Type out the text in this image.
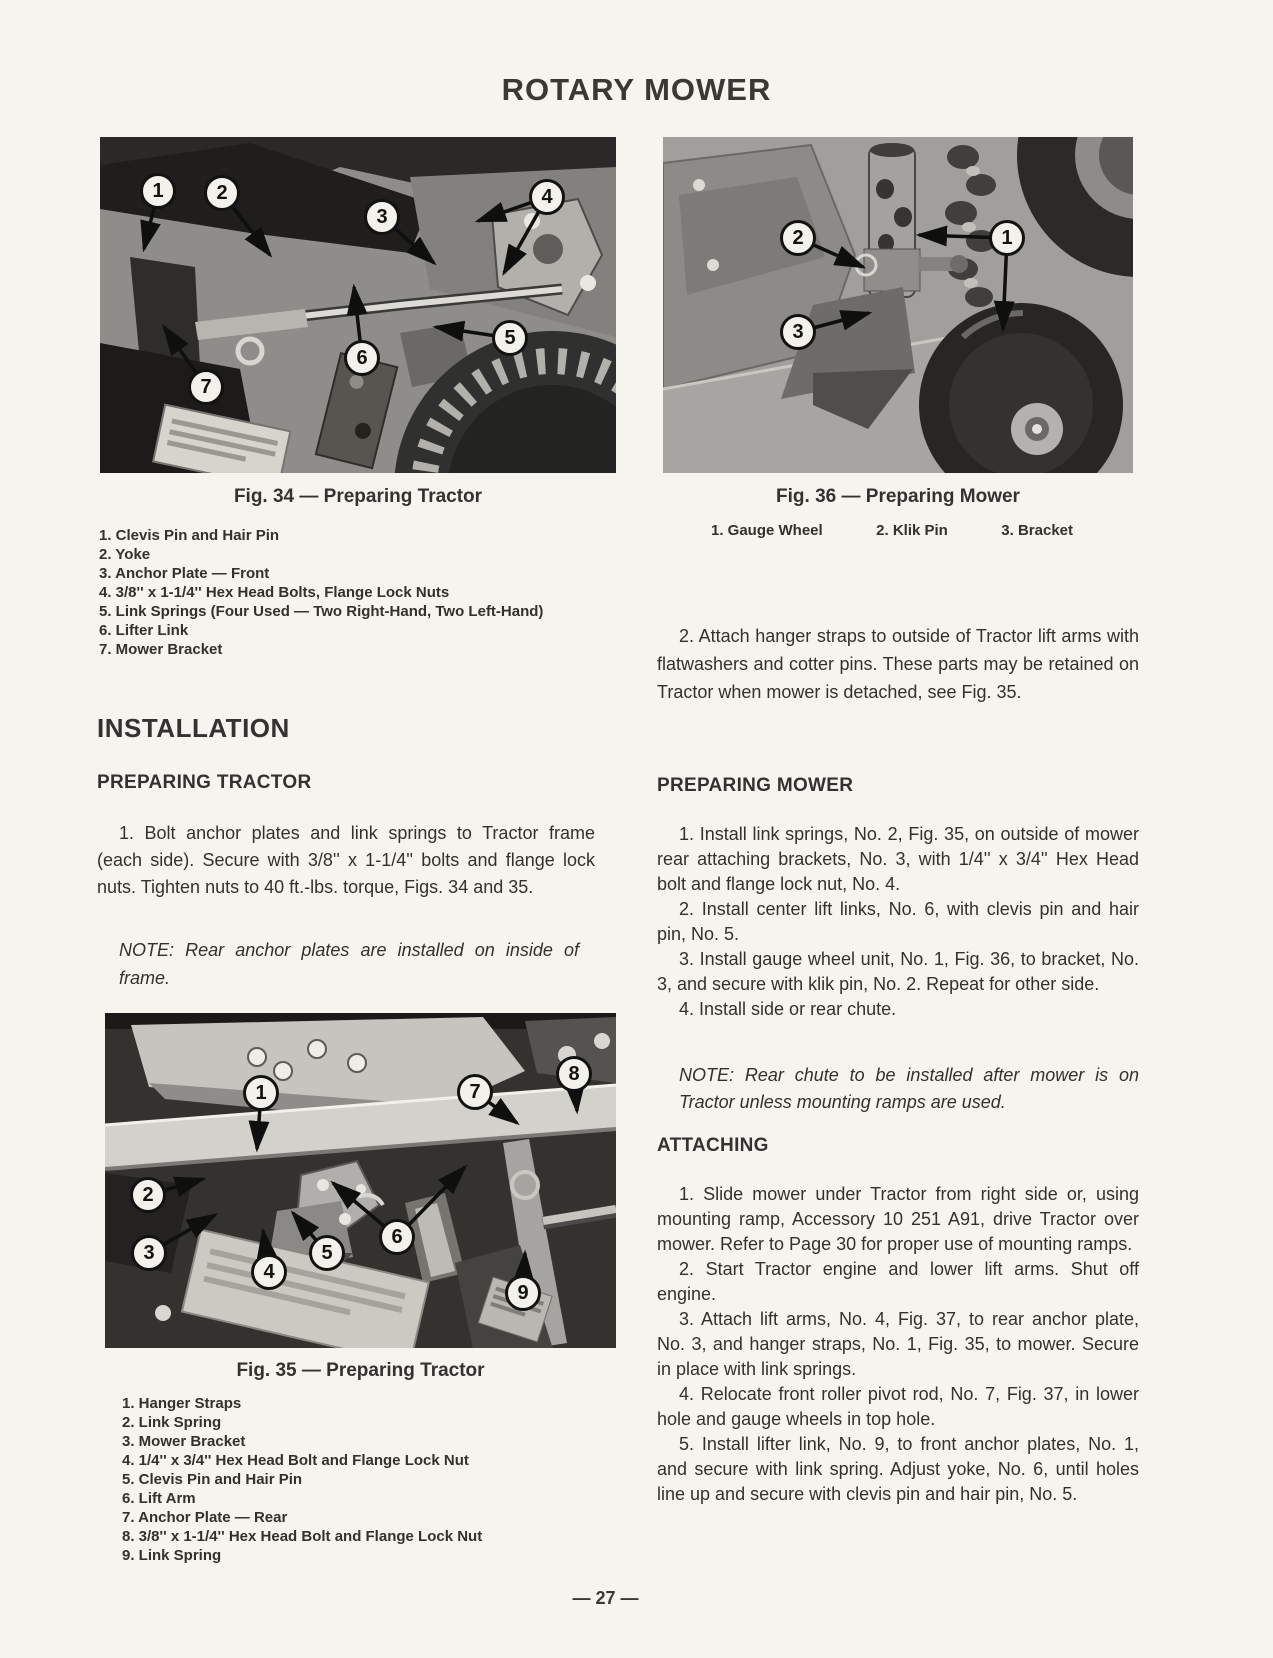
ROTARY MOWER
1	2
3
4
5
6
7

Fig. 34 — Preparing Tractor

1. Clevis Pin and Hair Pin
2. Yoke
3. Anchor Plate — Front
4. 3/8'' x 1-1/4'' Hex Head Bolts, Flange Lock Nuts
5. Link Springs (Four Used — Two Right-Hand, Two Left-Hand)
6. Lifter Link
7. Mower Bracket
INSTALLATION
PREPARING TRACTOR

1. Bolt anchor plates and link springs to Tractor frame (each side). Secure with 3/8'' x 1-1/4'' bolts and flange lock nuts. Tighten nuts to 40 ft.-lbs. torque, Figs. 34 and 35.

NOTE: Rear anchor plates are installed on inside of frame.

1	7
8
2
3
4
5
6
9

Fig. 35 — Preparing Tractor

1. Hanger Straps
2. Link Spring
3. Mower Bracket
4. 1/4'' x 3/4'' Hex Head Bolt and Flange Lock Nut
5. Clevis Pin and Hair Pin
6. Lift Arm
7. Anchor Plate — Rear
8. 3/8'' x 1-1/4'' Hex Head Bolt and Flange Lock Nut
9. Link Spring
2	1
3

Fig. 36 — Preparing Mower

1. Gauge Wheel	2. Klik Pin	3. Bracket

2. Attach hanger straps to outside of Tractor lift arms with flatwashers and cotter pins. These parts may be retained on Tractor when mower is detached, see Fig. 35.

PREPARING MOWER

1. Install link springs, No. 2, Fig. 35, on outside of mower rear attaching brackets, No. 3, with 1/4'' x 3/4'' Hex Head bolt and flange lock nut, No. 4.

2. Install center lift links, No. 6, with clevis pin and hair pin, No. 5.

3. Install gauge wheel unit, No. 1, Fig. 36, to bracket, No. 3, and secure with klik pin, No. 2. Repeat for other side.

4. Install side or rear chute.

NOTE: Rear chute to be installed after mower is on Tractor unless mounting ramps are used.

ATTACHING

1. Slide mower under Tractor from right side or, using mounting ramp, Accessory 10 251 A91, drive Tractor over mower. Refer to Page 30 for proper use of mounting ramps.

2. Start Tractor engine and lower lift arms. Shut off engine.

3. Attach lift arms, No. 4, Fig. 37, to rear anchor plate, No. 3, and hanger straps, No. 1, Fig. 35, to mower. Secure in place with link springs.

4. Relocate front roller pivot rod, No. 7, Fig. 37, in lower hole and gauge wheels in top hole.

5. Install lifter link, No. 9, to front anchor plates, No. 1, and secure with link spring. Adjust yoke, No. 6, until holes line up and secure with clevis pin and hair pin, No. 5.

— 27 —
